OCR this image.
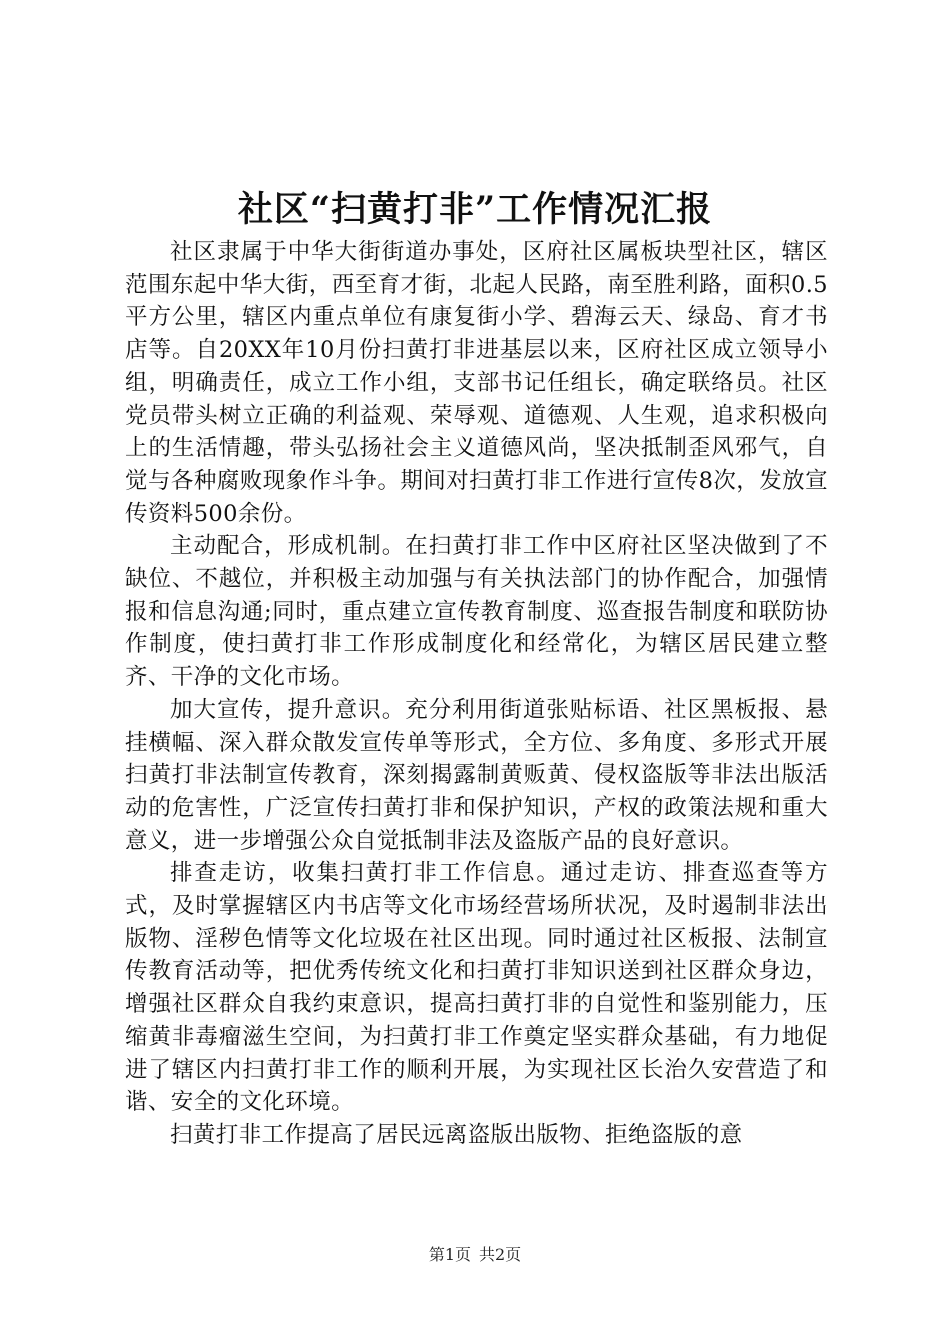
社区“扫黄打非”工作情况汇报

社区隶属于中华大街街道办事处，区府社区属板块型社区，辖区范围东起中华大街，西至育才街，北起人民路，南至胜利路，面积0.5平方公里，辖区内重点单位有康复街小学、碧海云天、绿岛、育才书店等。自20XX年10月份扫黄打非进基层以来，区府社区成立领导小组，明确责任，成立工作小组，支部书记任组长，确定联络员。社区党员带头树立正确的利益观、荣辱观、道德观、人生观，追求积极向上的生活情趣，带头弘扬社会主义道德风尚，坚决抵制歪风邪气，自觉与各种腐败现象作斗争。期间对扫黄打非工作进行宣传8次，发放宣传资料500余份。

主动配合，形成机制。在扫黄打非工作中区府社区坚决做到了不缺位、不越位，并积极主动加强与有关执法部门的协作配合，加强情报和信息沟通;同时，重点建立宣传教育制度、巡查报告制度和联防协作制度，使扫黄打非工作形成制度化和经常化，为辖区居民建立整齐、干净的文化市场。

加大宣传，提升意识。充分利用街道张贴标语、社区黑板报、悬挂横幅、深入群众散发宣传单等形式，全方位、多角度、多形式开展扫黄打非法制宣传教育，深刻揭露制黄贩黄、侵权盗版等非法出版活动的危害性，广泛宣传扫黄打非和保护知识，产权的政策法规和重大意义，进一步增强公众自觉抵制非法及盗版产品的良好意识。

排查走访，收集扫黄打非工作信息。通过走访、排查巡查等方式，及时掌握辖区内书店等文化市场经营场所状况，及时遏制非法出版物、淫秽色情等文化垃圾在社区出现。同时通过社区板报、法制宣传教育活动等，把优秀传统文化和扫黄打非知识送到社区群众身边，增强社区群众自我约束意识，提高扫黄打非的自觉性和鉴别能力，压缩黄非毒瘤滋生空间，为扫黄打非工作奠定坚实群众基础，有力地促进了辖区内扫黄打非工作的顺利开展，为实现社区长治久安营造了和谐、安全的文化环境。

扫黄打非工作提高了居民远离盗版出版物、拒绝盗版的意

第1页 共2页
